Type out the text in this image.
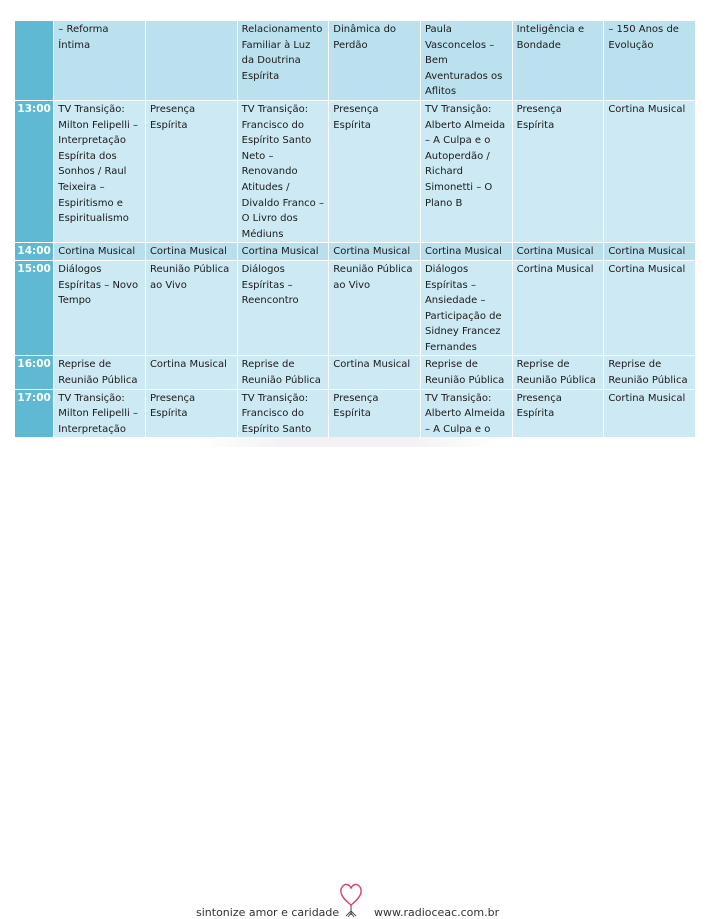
	– Reforma Íntima		Relacionamento Familiar à Luz da Doutrina Espírita	Dinâmica do Perdão	Paula Vasconcelos – Bem Aventurados os Aflitos	Inteligência e Bondade	– 150 Anos de Evolução
13:00	TV Transição: Milton Felipelli – Interpretação Espírita dos Sonhos / Raul Teixeira – Espiritismo e Espiritualismo	Presença Espírita	TV Transição: Francisco do Espírito Santo Neto – Renovando Atitudes / Divaldo Franco – O Livro dos Médiuns	Presença Espírita	TV Transição: Alberto Almeida – A Culpa e o Autoperdão / Richard Simonetti – O Plano B	Presença Espírita	Cortina Musical
14:00	Cortina Musical	Cortina Musical	Cortina Musical	Cortina Musical	Cortina Musical	Cortina Musical	Cortina Musical
15:00	Diálogos Espíritas – Novo Tempo	Reunião Pública ao Vivo	Diálogos Espíritas – Reencontro	Reunião Pública ao Vivo	Diálogos Espíritas – Ansiedade – Participação de Sidney Francez Fernandes	Cortina Musical	Cortina Musical
16:00	Reprise de Reunião Pública	Cortina Musical	Reprise de Reunião Pública	Cortina Musical	Reprise de Reunião Pública	Reprise de Reunião Pública	Reprise de Reunião Pública
17:00	TV Transição: Milton Felipelli – Interpretação	Presença Espírita	TV Transição: Francisco do Espírito Santo	Presença Espírita	TV Transição: Alberto Almeida – A Culpa e o	Presença Espírita	Cortina Musical
sintonize amor e caridade	www.radioceac.com.br
